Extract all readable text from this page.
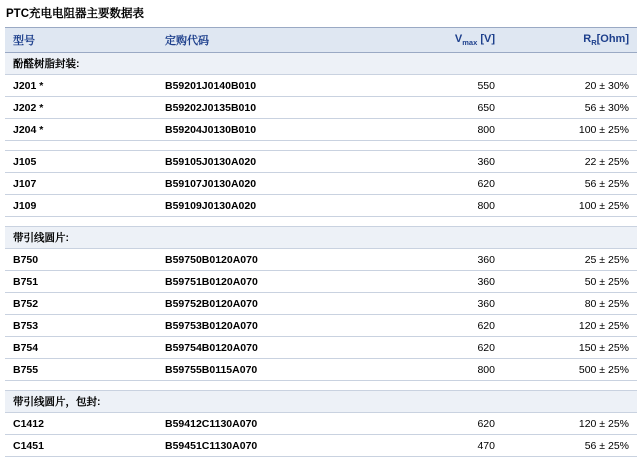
PTC充电电阻器主要数据表
型号	定购代码	$V_{max}$ [V]	$R_R[Ohm]$
酚醛树脂封装:			
J201 *	B59201J0140B010	550	20 ± 30%
J202 *	B59202J0135B010	650	56 ± 30%
J204 *	B59204J0130B010	800	100 ± 25%

J105	B59105J0130A020	360	22 ± 25%
J107	B59107J0130A020	620	56 ± 25%
J109	B59109J0130A020	800	100 ± 25%

带引线圆片:			
B750	B59750B0120A070	360	25 ± 25%
B751	B59751B0120A070	360	50 ± 25%
B752	B59752B0120A070	360	80 ± 25%
B753	B59753B0120A070	620	120 ± 25%
B754	B59754B0120A070	620	150 ± 25%
B755	B59755B0115A070	800	500 ± 25%

带引线圆片，包封:			
C1412	B59412C1130A070	620	120 ± 25%
C1451	B59451C1130A070	470	56 ± 25%
